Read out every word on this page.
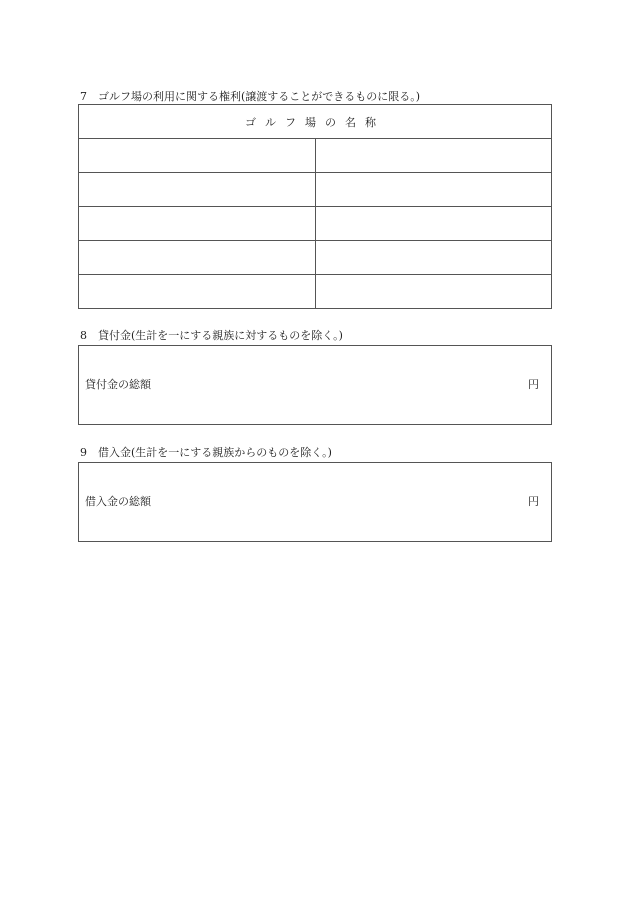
7　ゴルフ場の利用に関する権利(譲渡することができるものに限る。)
ゴルフ場の名称	

8　貸付金(生計を一にする親族に対するものを除く。)
貸付金の総額	円
9　借入金(生計を一にする親族からのものを除く。)
借入金の総額	円
